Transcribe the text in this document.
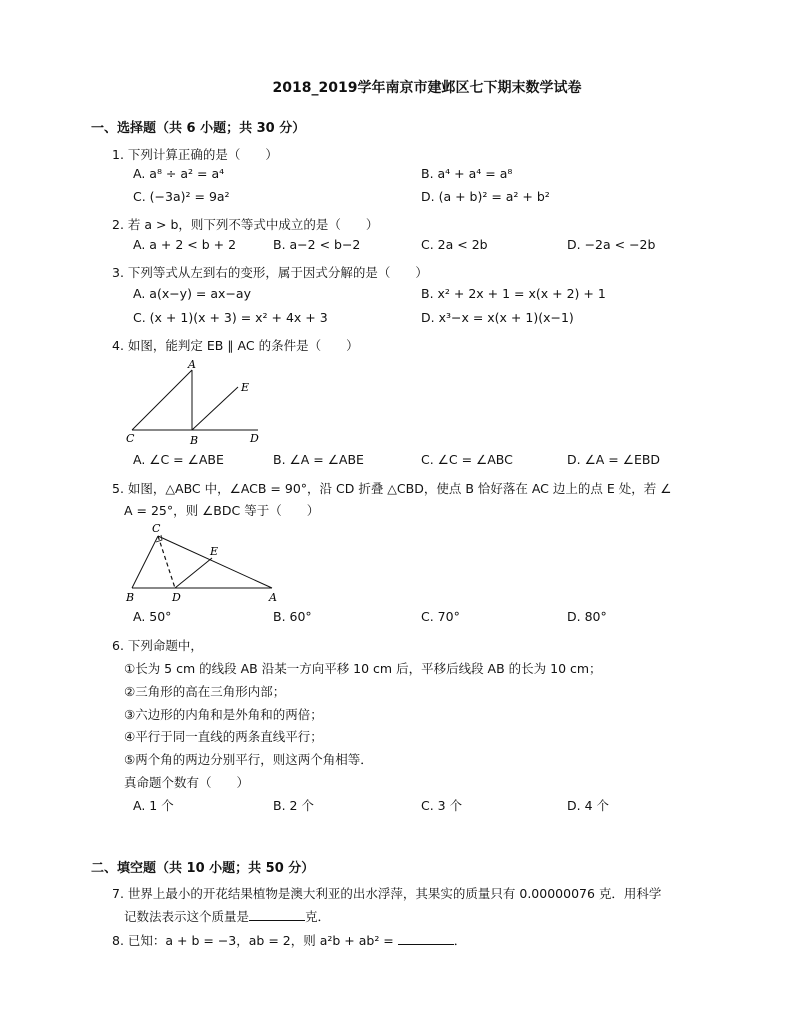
2018_2019学年南京市建邺区七下期末数学试卷
一、选择题（共 6 小题；共 30 分）
1. 下列计算正确的是（　　）
A. a⁸ ÷ a² = a⁴	B. a⁴ + a⁴ = a⁸
C. (−3a)² = 9a²	D. (a + b)² = a² + b²
2. 若 a > b，则下列不等式中成立的是（　　）
A. a + 2 < b + 2	B. a−2 < b−2	C. 2a < 2b	D. −2a < −2b
3. 下列等式从左到右的变形，属于因式分解的是（　　）
A. a(x−y) = ax−ay	B. x² + 2x + 1 = x(x + 2) + 1
C. (x + 1)(x + 3) = x² + 4x + 3	D. x³−x = x(x + 1)(x−1)
4. 如图，能判定 EB ∥ AC 的条件是（　　）
A
E
C	B	D
A. ∠C = ∠ABE	B. ∠A = ∠ABE	C. ∠C = ∠ABC	D. ∠A = ∠EBD
5. 如图，△ABC 中，∠ACB = 90°，沿 CD 折叠 △CBD，使点 B 恰好落在 AC 边上的点 E 处，若 ∠
A = 25°，则 ∠BDC 等于（　　）
C
E
B	D	A
A. 50°	B. 60°	C. 70°	D. 80°
6. 下列命题中，
①长为 5 cm 的线段 AB 沿某一方向平移 10 cm 后，平移后线段 AB 的长为 10 cm；
②三角形的高在三角形内部；
③六边形的内角和是外角和的两倍；
④平行于同一直线的两条直线平行；
⑤两个角的两边分别平行，则这两个角相等．
真命题个数有（　　）
A. 1 个	B. 2 个	C. 3 个	D. 4 个
二、填空题（共 10 小题；共 50 分）
7. 世界上最小的开花结果植物是澳大利亚的出水浮萍，其果实的质量只有 0.00000076 克．用科学
记数法表示这个质量是	克．
8. 已知：a + b = −3，ab = 2，则 a²b + ab² =	．
